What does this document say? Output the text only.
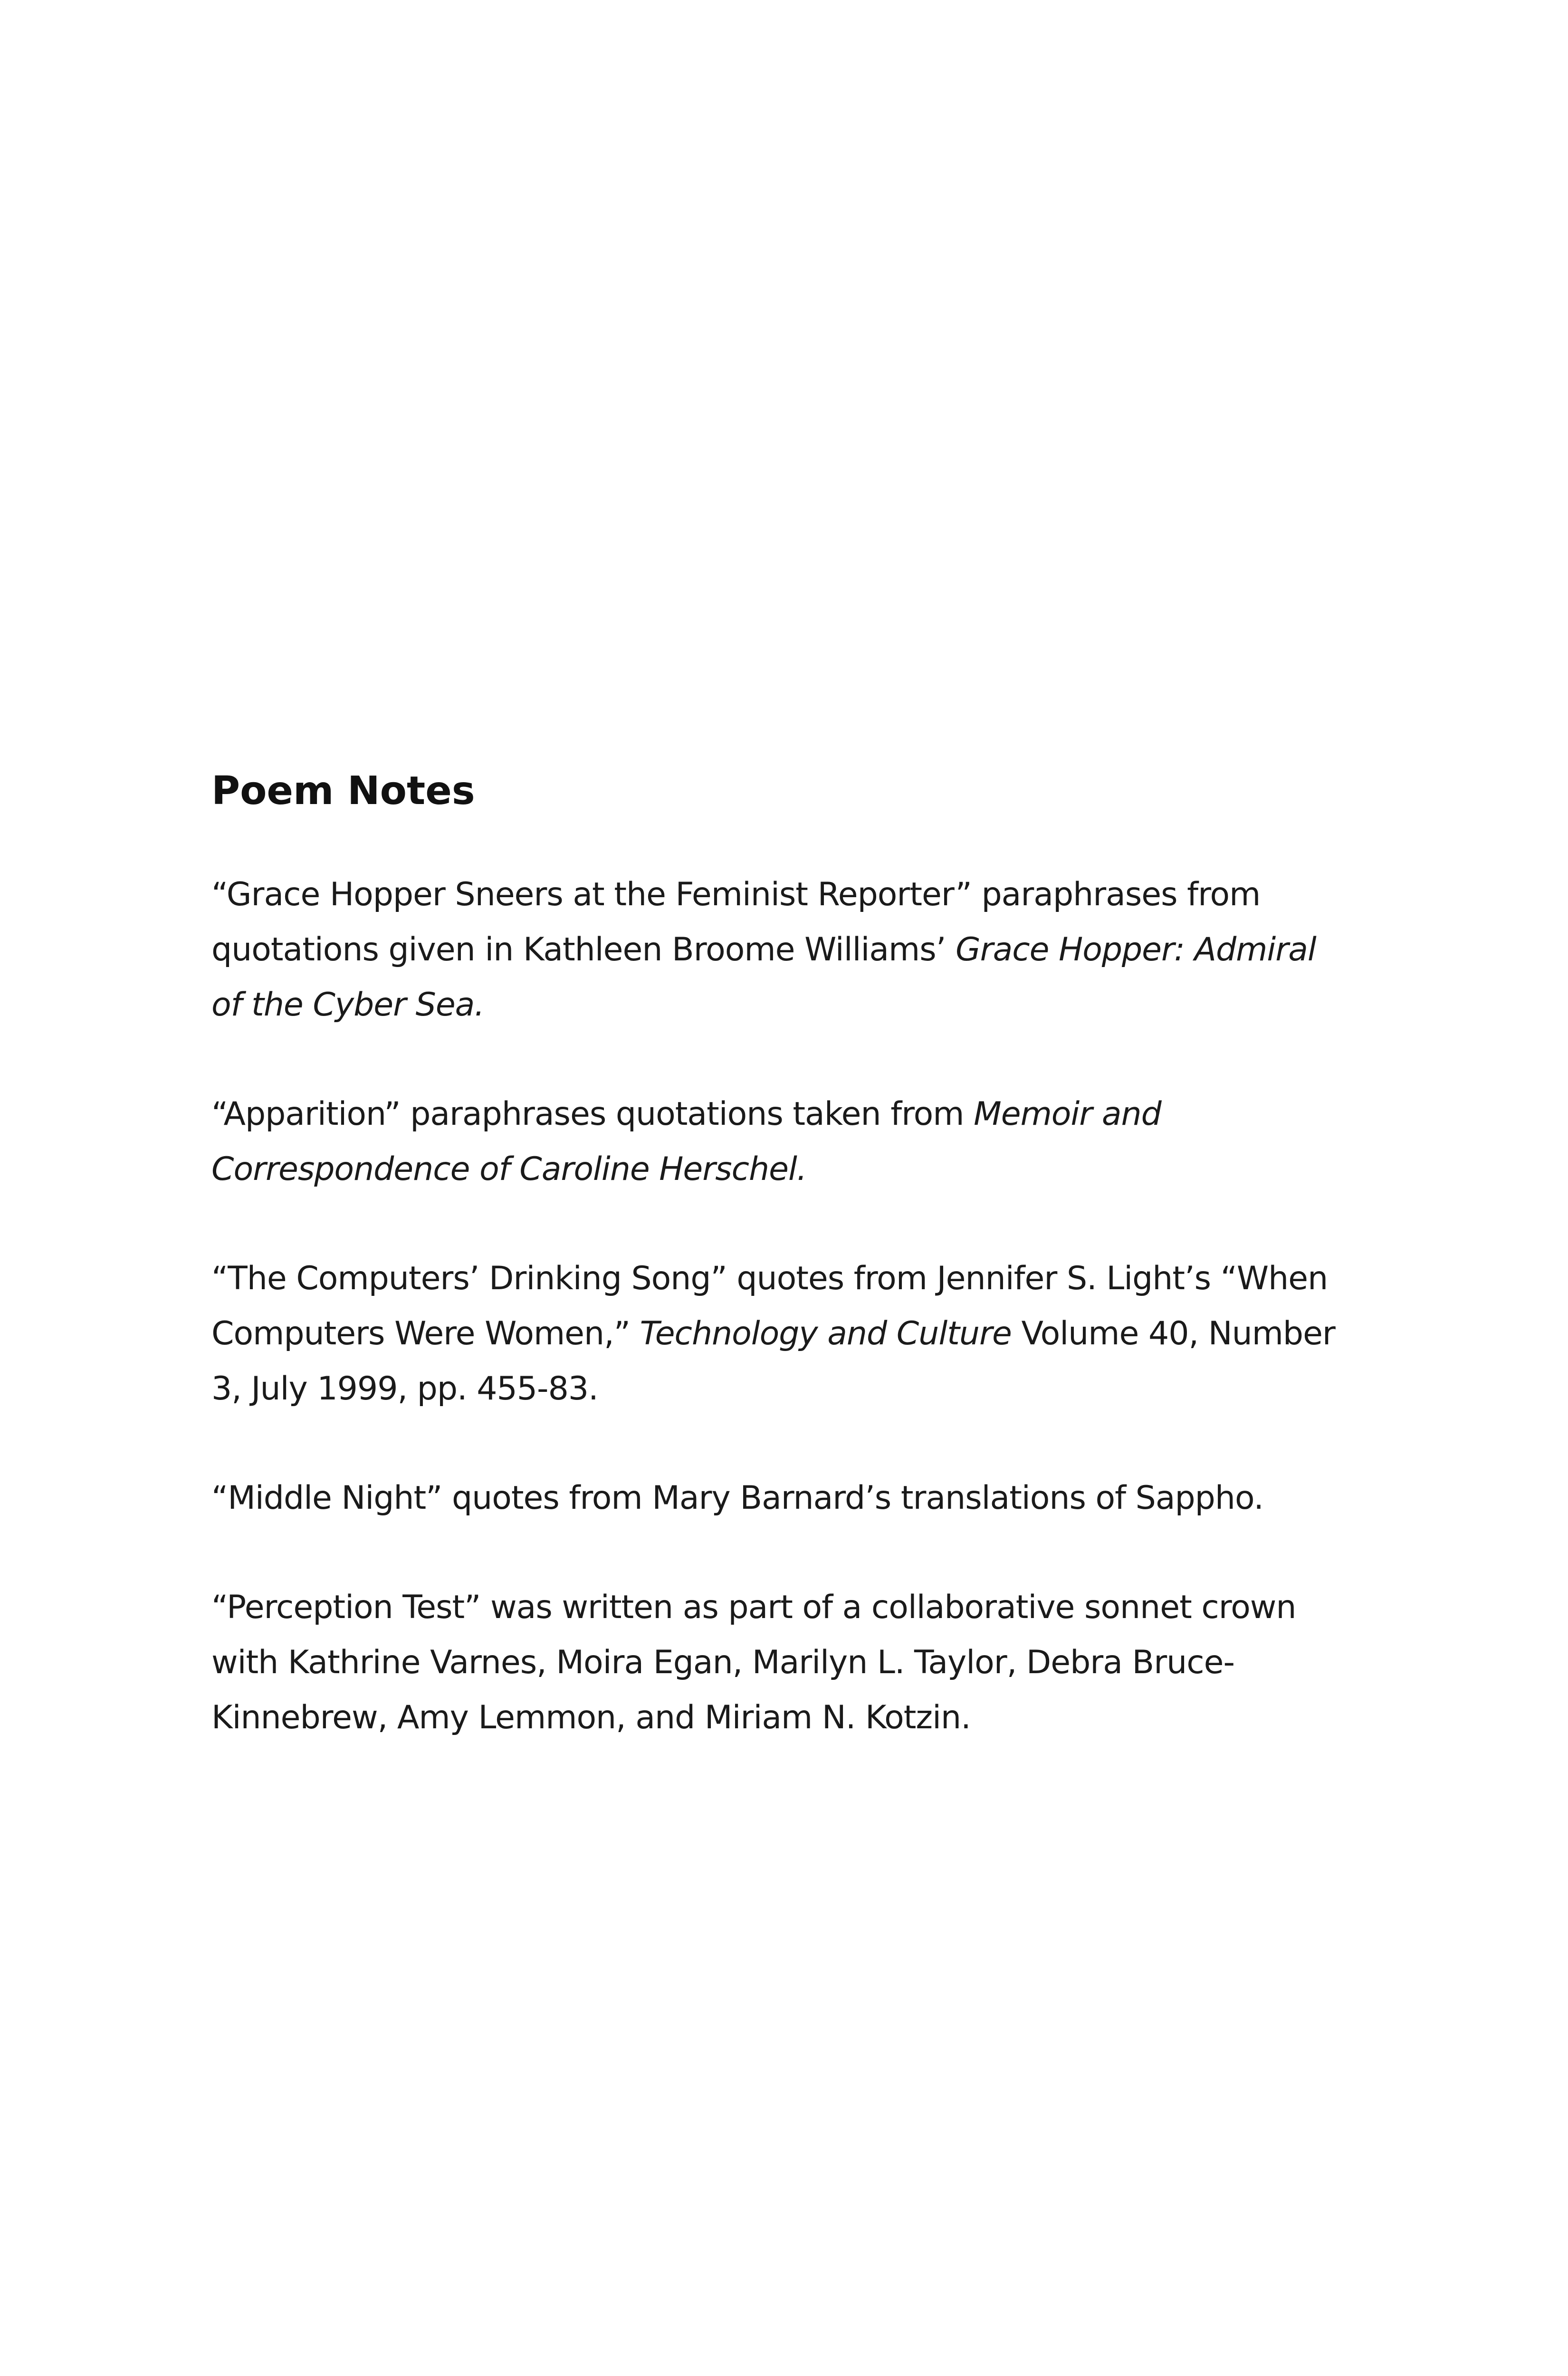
Poem Notes

“Grace Hopper Sneers at the Feminist Reporter” paraphrases from quotations given in Kathleen Broome Williams’ Grace Hopper: Admiral of the Cyber Sea.

“Apparition” paraphrases quotations taken from Memoir and Correspondence of Caroline Herschel.

“The Computers’ Drinking Song” quotes from Jennifer S. Light’s “When Computers Were Women,” Technology and Culture Volume 40, Number 3, July 1999, pp. 455-83.

“Middle Night” quotes from Mary Barnard’s translations of Sappho.

“Perception Test” was written as part of a collaborative sonnet crown with Kathrine Varnes, Moira Egan, Marilyn L. Taylor, Debra Bruce-Kinnebrew, Amy Lemmon, and Miriam N. Kotzin.
